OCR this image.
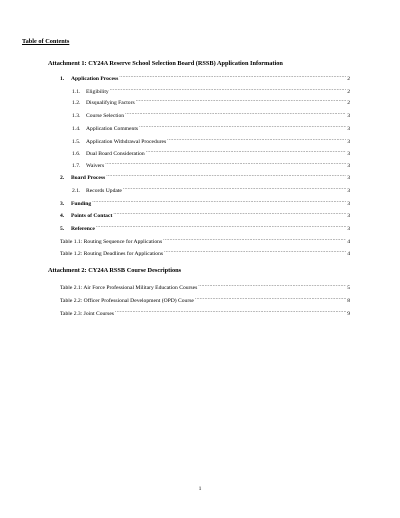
Table of Contents
Attachment 1: CY24A Reserve School Selection Board (RSSB) Application Information
1.	Application Process .....	2
1.1.	Eligibility .....	2
1.2.	Disqualifying Factors .....	2
1.3.	Course Selection .....	3
1.4.	Application Comments .....	3
1.5.	Application Withdrawal Procedures .....	3
1.6.	Dual Board Consideration .....	3
1.7.	Waivers .....	3
2.	Board Process .....	3
2.1.	Records Update .....	3
3.	Funding .....	3
4.	Points of Contact .....	3
5.	Reference .....	3
Table 1.1: Routing Sequence for Applications .....	4
Table 1.2: Routing Deadlines for Applications .....	4
Attachment 2: CY24A RSSB Course Descriptions
Table 2.1: Air Force Professional Military Education Courses .....	5
Table 2.2: Officer Professional Development (OPD) Course .....	8
Table 2.3: Joint Courses .....	9
1
